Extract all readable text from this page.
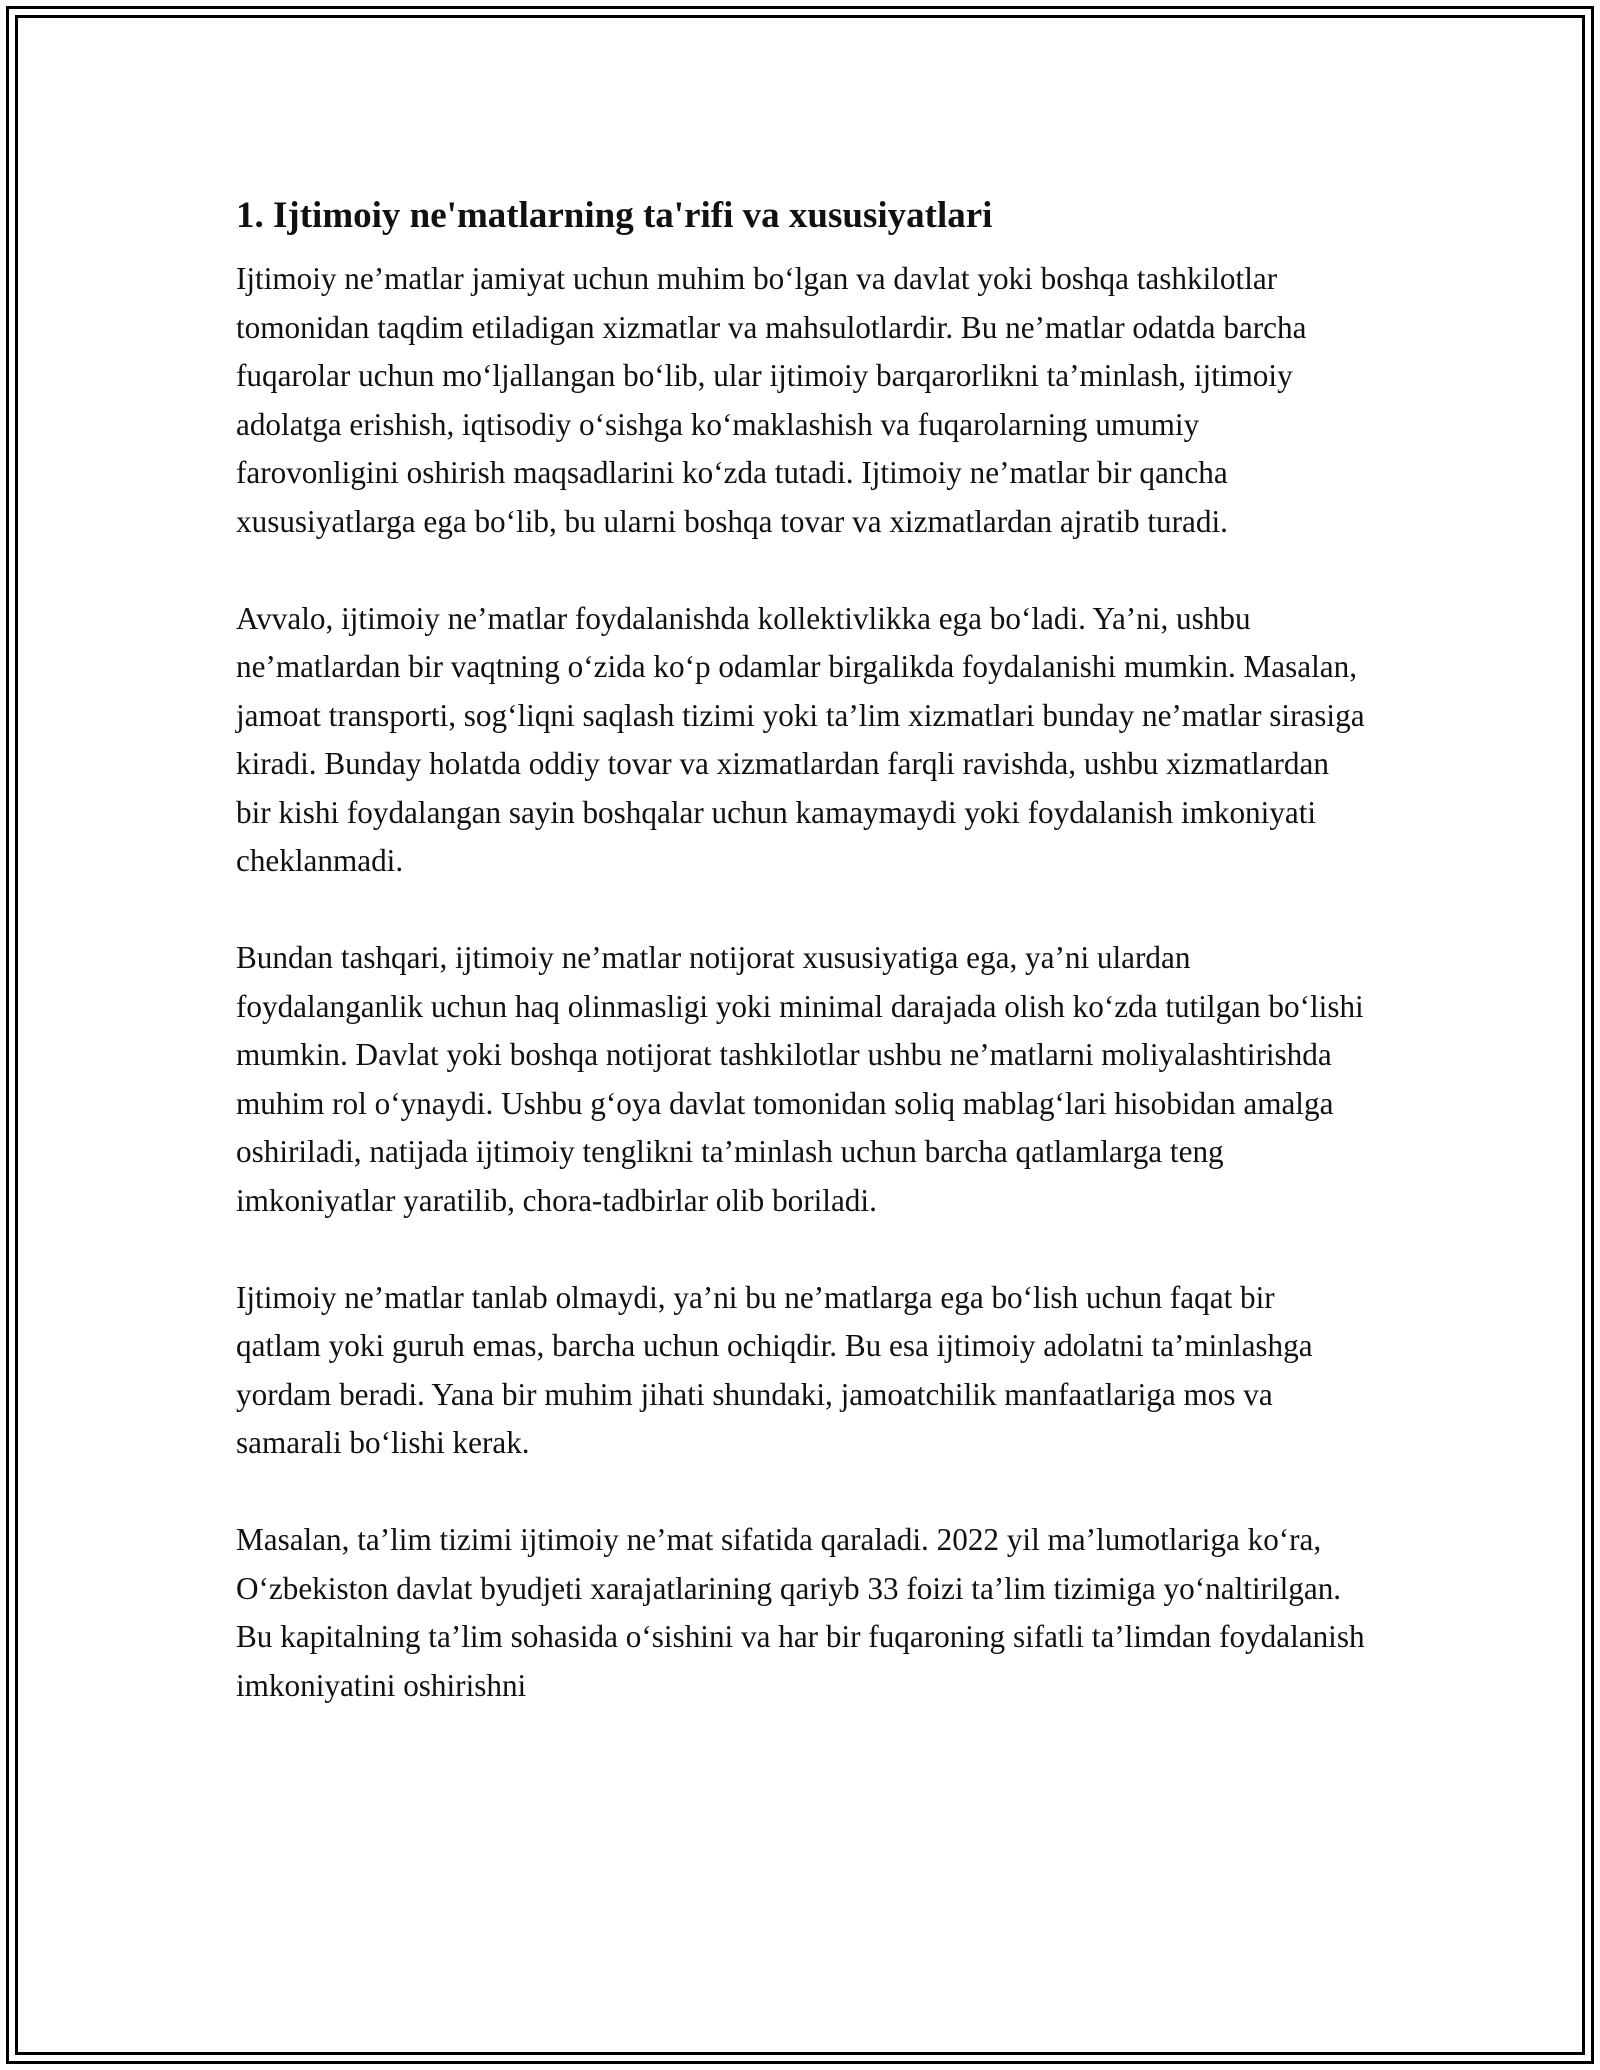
1. Ijtimoiy ne'matlarning ta'rifi va xususiyatlari

Ijtimoiy ne’matlar jamiyat uchun muhim bo‘lgan va davlat yoki boshqa tashkilotlar tomonidan taqdim etiladigan xizmatlar va mahsulotlardir. Bu ne’matlar odatda barcha fuqarolar uchun mo‘ljallangan bo‘lib, ular ijtimoiy barqarorlikni ta’minlash, ijtimoiy adolatga erishish, iqtisodiy o‘sishga ko‘maklashish va fuqarolarning umumiy farovonligini oshirish maqsadlarini ko‘zda tutadi. Ijtimoiy ne’matlar bir qancha xususiyatlarga ega bo‘lib, bu ularni boshqa tovar va xizmatlardan ajratib turadi.

Avvalo, ijtimoiy ne’matlar foydalanishda kollektivlikka ega bo‘ladi. Ya’ni, ushbu ne’matlardan bir vaqtning o‘zida ko‘p odamlar birgalikda foydalanishi mumkin. Masalan, jamoat transporti, sog‘liqni saqlash tizimi yoki ta’lim xizmatlari bunday ne’matlar sirasiga kiradi. Bunday holatda oddiy tovar va xizmatlardan farqli ravishda, ushbu xizmatlardan bir kishi foydalangan sayin boshqalar uchun kamaymaydi yoki foydalanish imkoniyati cheklanmadi.

Bundan tashqari, ijtimoiy ne’matlar notijorat xususiyatiga ega, ya’ni ulardan foydalanganlik uchun haq olinmasligi yoki minimal darajada olish ko‘zda tutilgan bo‘lishi mumkin. Davlat yoki boshqa notijorat tashkilotlar ushbu ne’matlarni moliyalashtirishda muhim rol o‘ynaydi. Ushbu g‘oya davlat tomonidan soliq mablag‘lari hisobidan amalga oshiriladi, natijada ijtimoiy tenglikni ta’minlash uchun barcha qatlamlarga teng imkoniyatlar yaratilib, chora-tadbirlar olib boriladi.

Ijtimoiy ne’matlar tanlab olmaydi, ya’ni bu ne’matlarga ega bo‘lish uchun faqat bir qatlam yoki guruh emas, barcha uchun ochiqdir. Bu esa ijtimoiy adolatni ta’minlashga yordam beradi. Yana bir muhim jihati shundaki, jamoatchilik manfaatlariga mos va samarali bo‘lishi kerak.

Masalan, ta’lim tizimi ijtimoiy ne’mat sifatida qaraladi. 2022 yil ma’lumotlariga ko‘ra, O‘zbekiston davlat byudjeti xarajatlarining qariyb 33 foizi ta’lim tizimiga yo‘naltirilgan. Bu kapitalning ta’lim sohasida o‘sishini va har bir fuqaroning sifatli ta’limdan foydalanish imkoniyatini oshirishni
